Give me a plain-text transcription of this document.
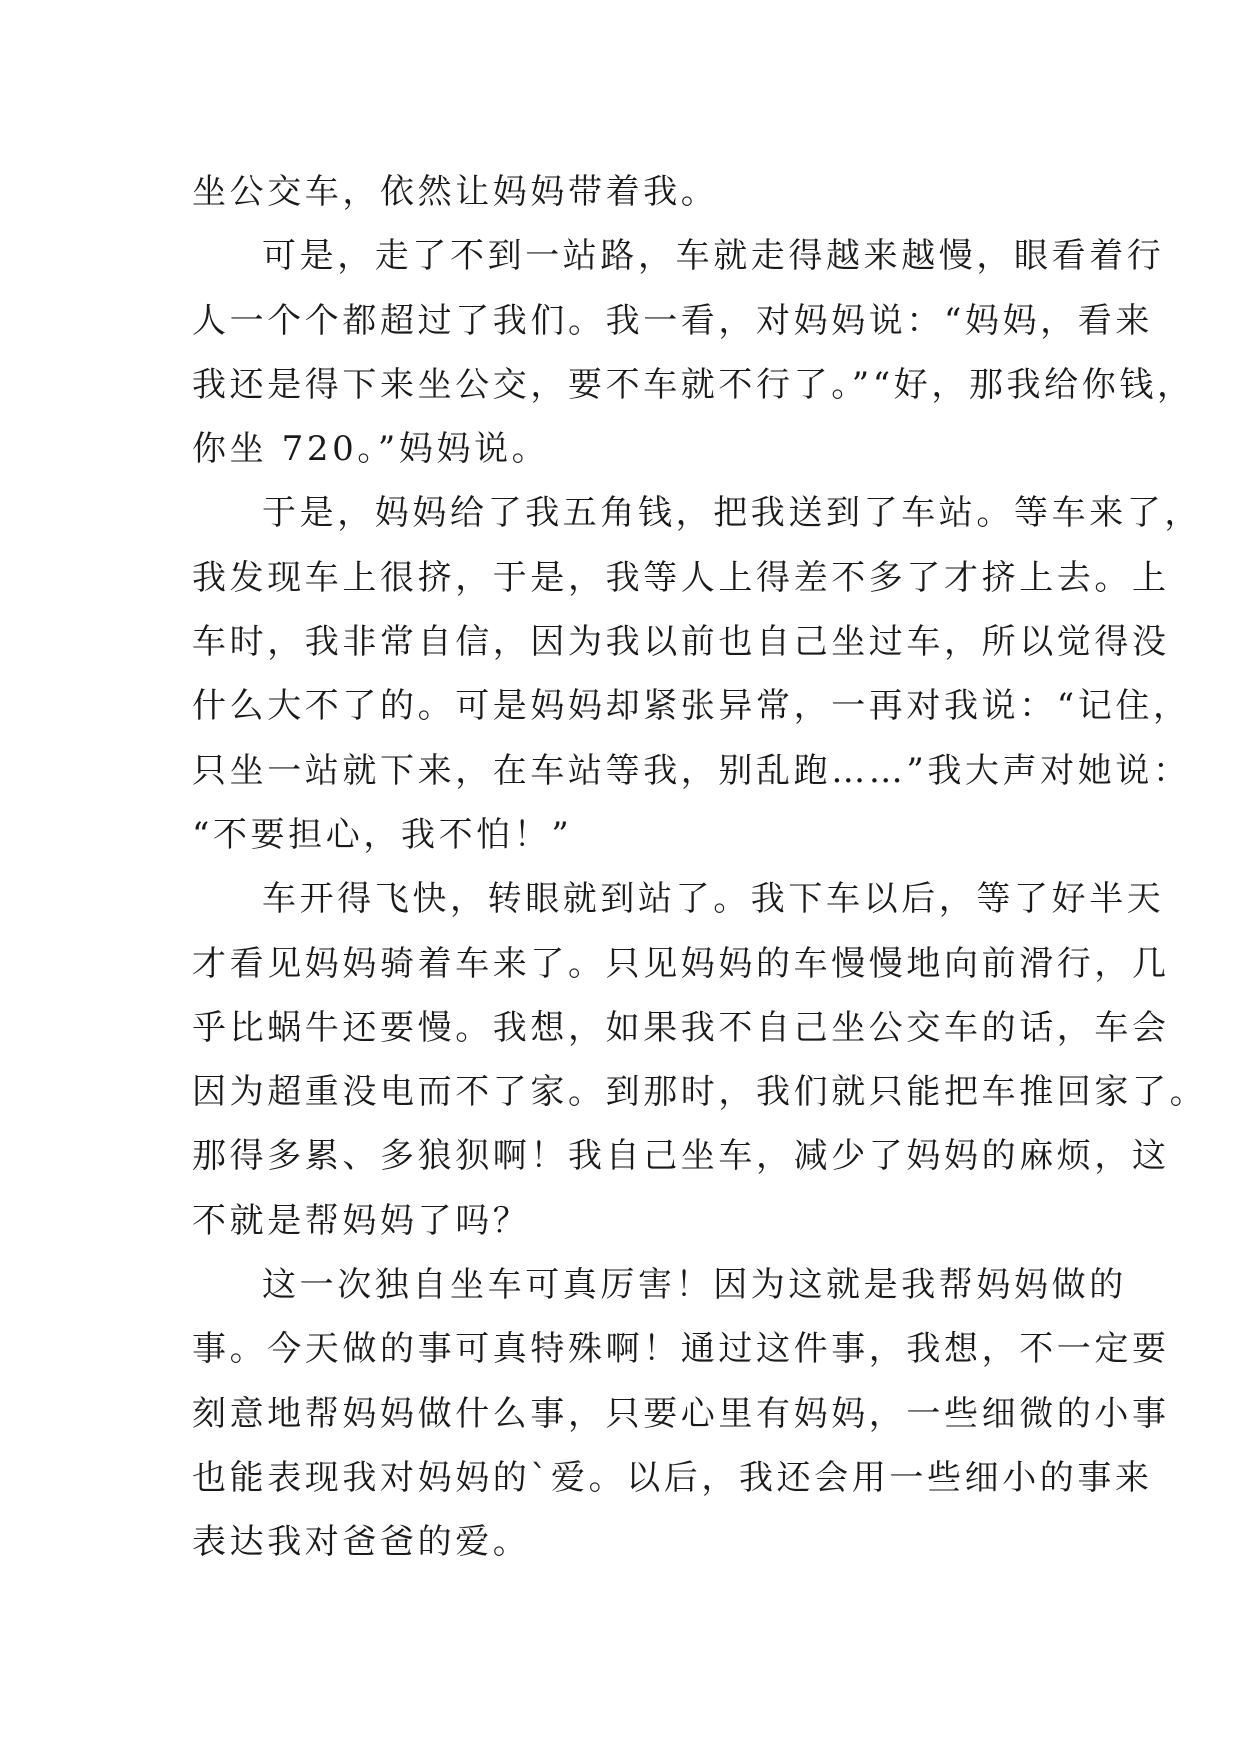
坐公交车，依然让妈妈带着我。
可是，走了不到一站路，车就走得越来越慢，眼看着行
人一个个都超过了我们。我一看，对妈妈说：“妈妈，看来
我还是得下来坐公交，要不车就不行了。”“好，那我给你钱，
你坐 720。”妈妈说。
于是，妈妈给了我五角钱，把我送到了车站。等车来了，
我发现车上很挤，于是，我等人上得差不多了才挤上去。上
车时，我非常自信，因为我以前也自己坐过车，所以觉得没
什么大不了的。可是妈妈却紧张异常，一再对我说：“记住，
只坐一站就下来，在车站等我，别乱跑……”我大声对她说：
“不要担心，我不怕！”
车开得飞快，转眼就到站了。我下车以后，等了好半天
才看见妈妈骑着车来了。只见妈妈的车慢慢地向前滑行，几
乎比蜗牛还要慢。我想，如果我不自己坐公交车的话，车会
因为超重没电而不了家。到那时，我们就只能把车推回家了。
那得多累、多狼狈啊！我自己坐车，减少了妈妈的麻烦，这
不就是帮妈妈了吗？
这一次独自坐车可真厉害！因为这就是我帮妈妈做的
事。今天做的事可真特殊啊！通过这件事，我想，不一定要
刻意地帮妈妈做什么事，只要心里有妈妈，一些细微的小事
也能表现我对妈妈的`爱。以后，我还会用一些细小的事来
表达我对爸爸的爱。
